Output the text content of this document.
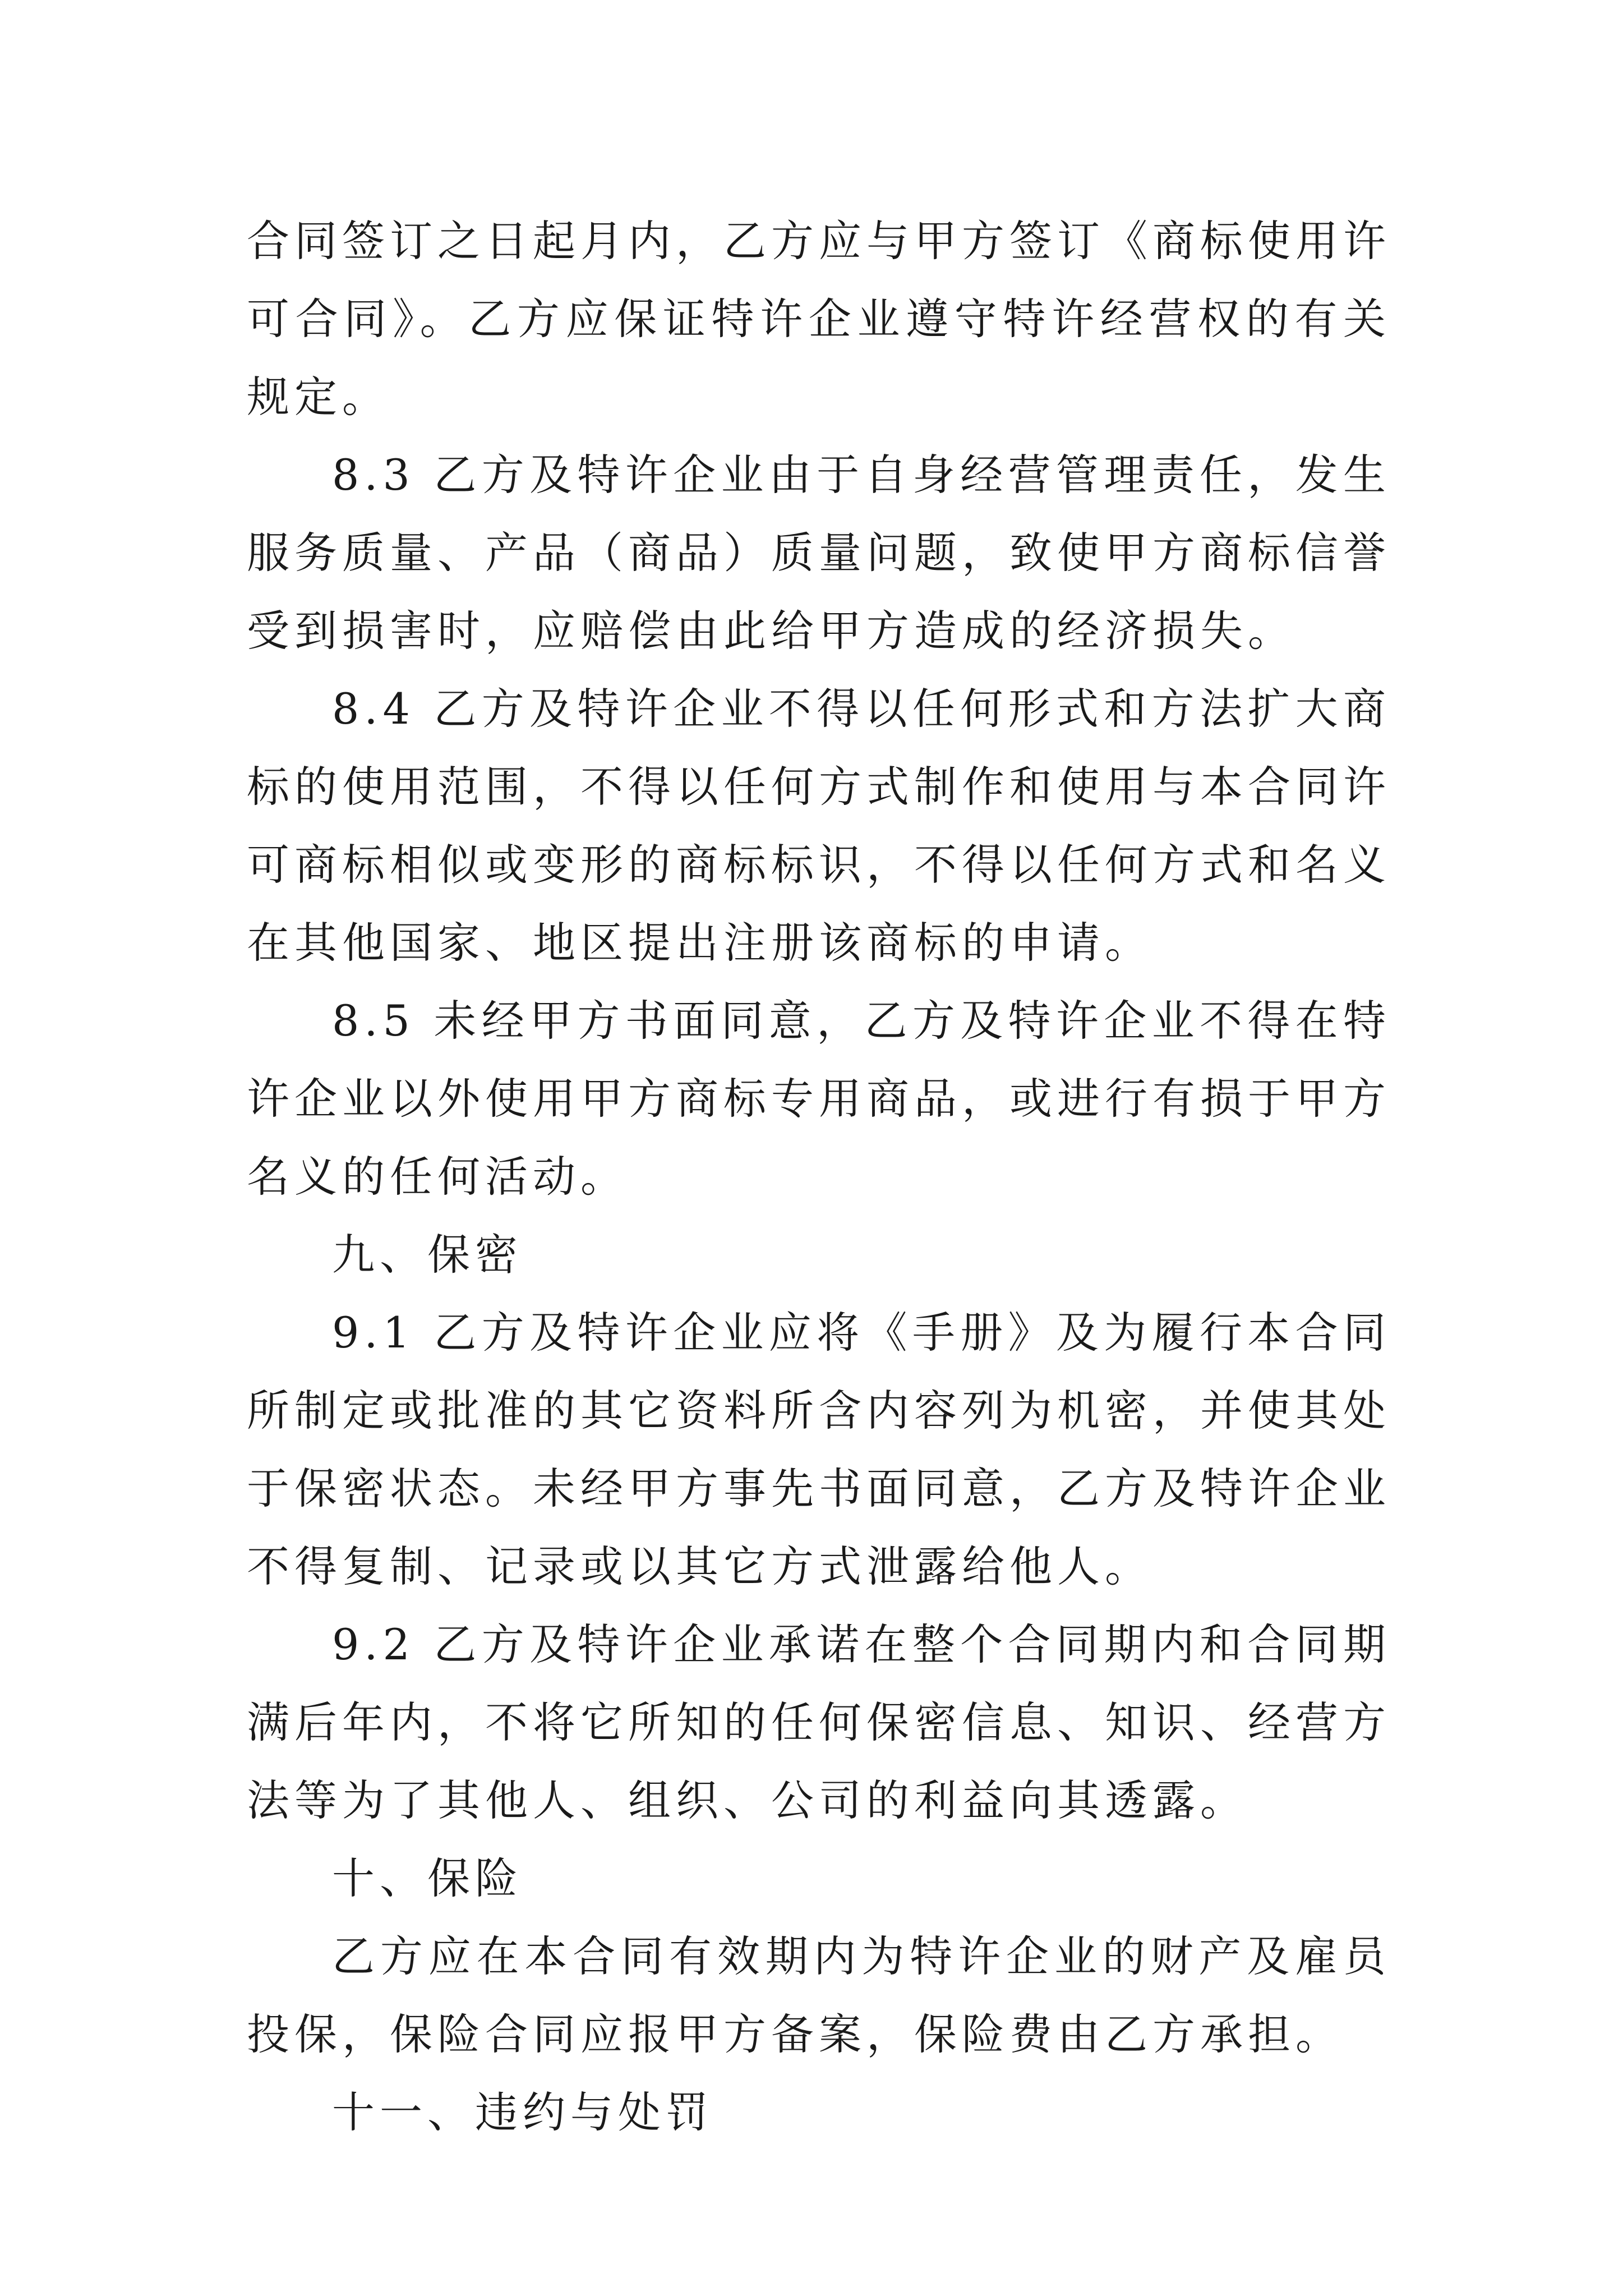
合同签订之日起月内，乙方应与甲方签订《商标使用许可合同》。乙方应保证特许企业遵守特许经营权的有关规定。

8.3 乙方及特许企业由于自身经营管理责任，发生服务质量、产品（商品）质量问题，致使甲方商标信誉受到损害时，应赔偿由此给甲方造成的经济损失。

8.4 乙方及特许企业不得以任何形式和方法扩大商标的使用范围，不得以任何方式制作和使用与本合同许可商标相似或变形的商标标识，不得以任何方式和名义在其他国家、地区提出注册该商标的申请。

8.5 未经甲方书面同意，乙方及特许企业不得在特许企业以外使用甲方商标专用商品，或进行有损于甲方名义的任何活动。

九、保密

9.1 乙方及特许企业应将《手册》及为履行本合同所制定或批准的其它资料所含内容列为机密，并使其处于保密状态。未经甲方事先书面同意，乙方及特许企业不得复制、记录或以其它方式泄露给他人。

9.2 乙方及特许企业承诺在整个合同期内和合同期满后年内，不将它所知的任何保密信息、知识、经营方法等为了其他人、组织、公司的利益向其透露。

十、保险

乙方应在本合同有效期内为特许企业的财产及雇员投保，保险合同应报甲方备案，保险费由乙方承担。

十一、违约与处罚
